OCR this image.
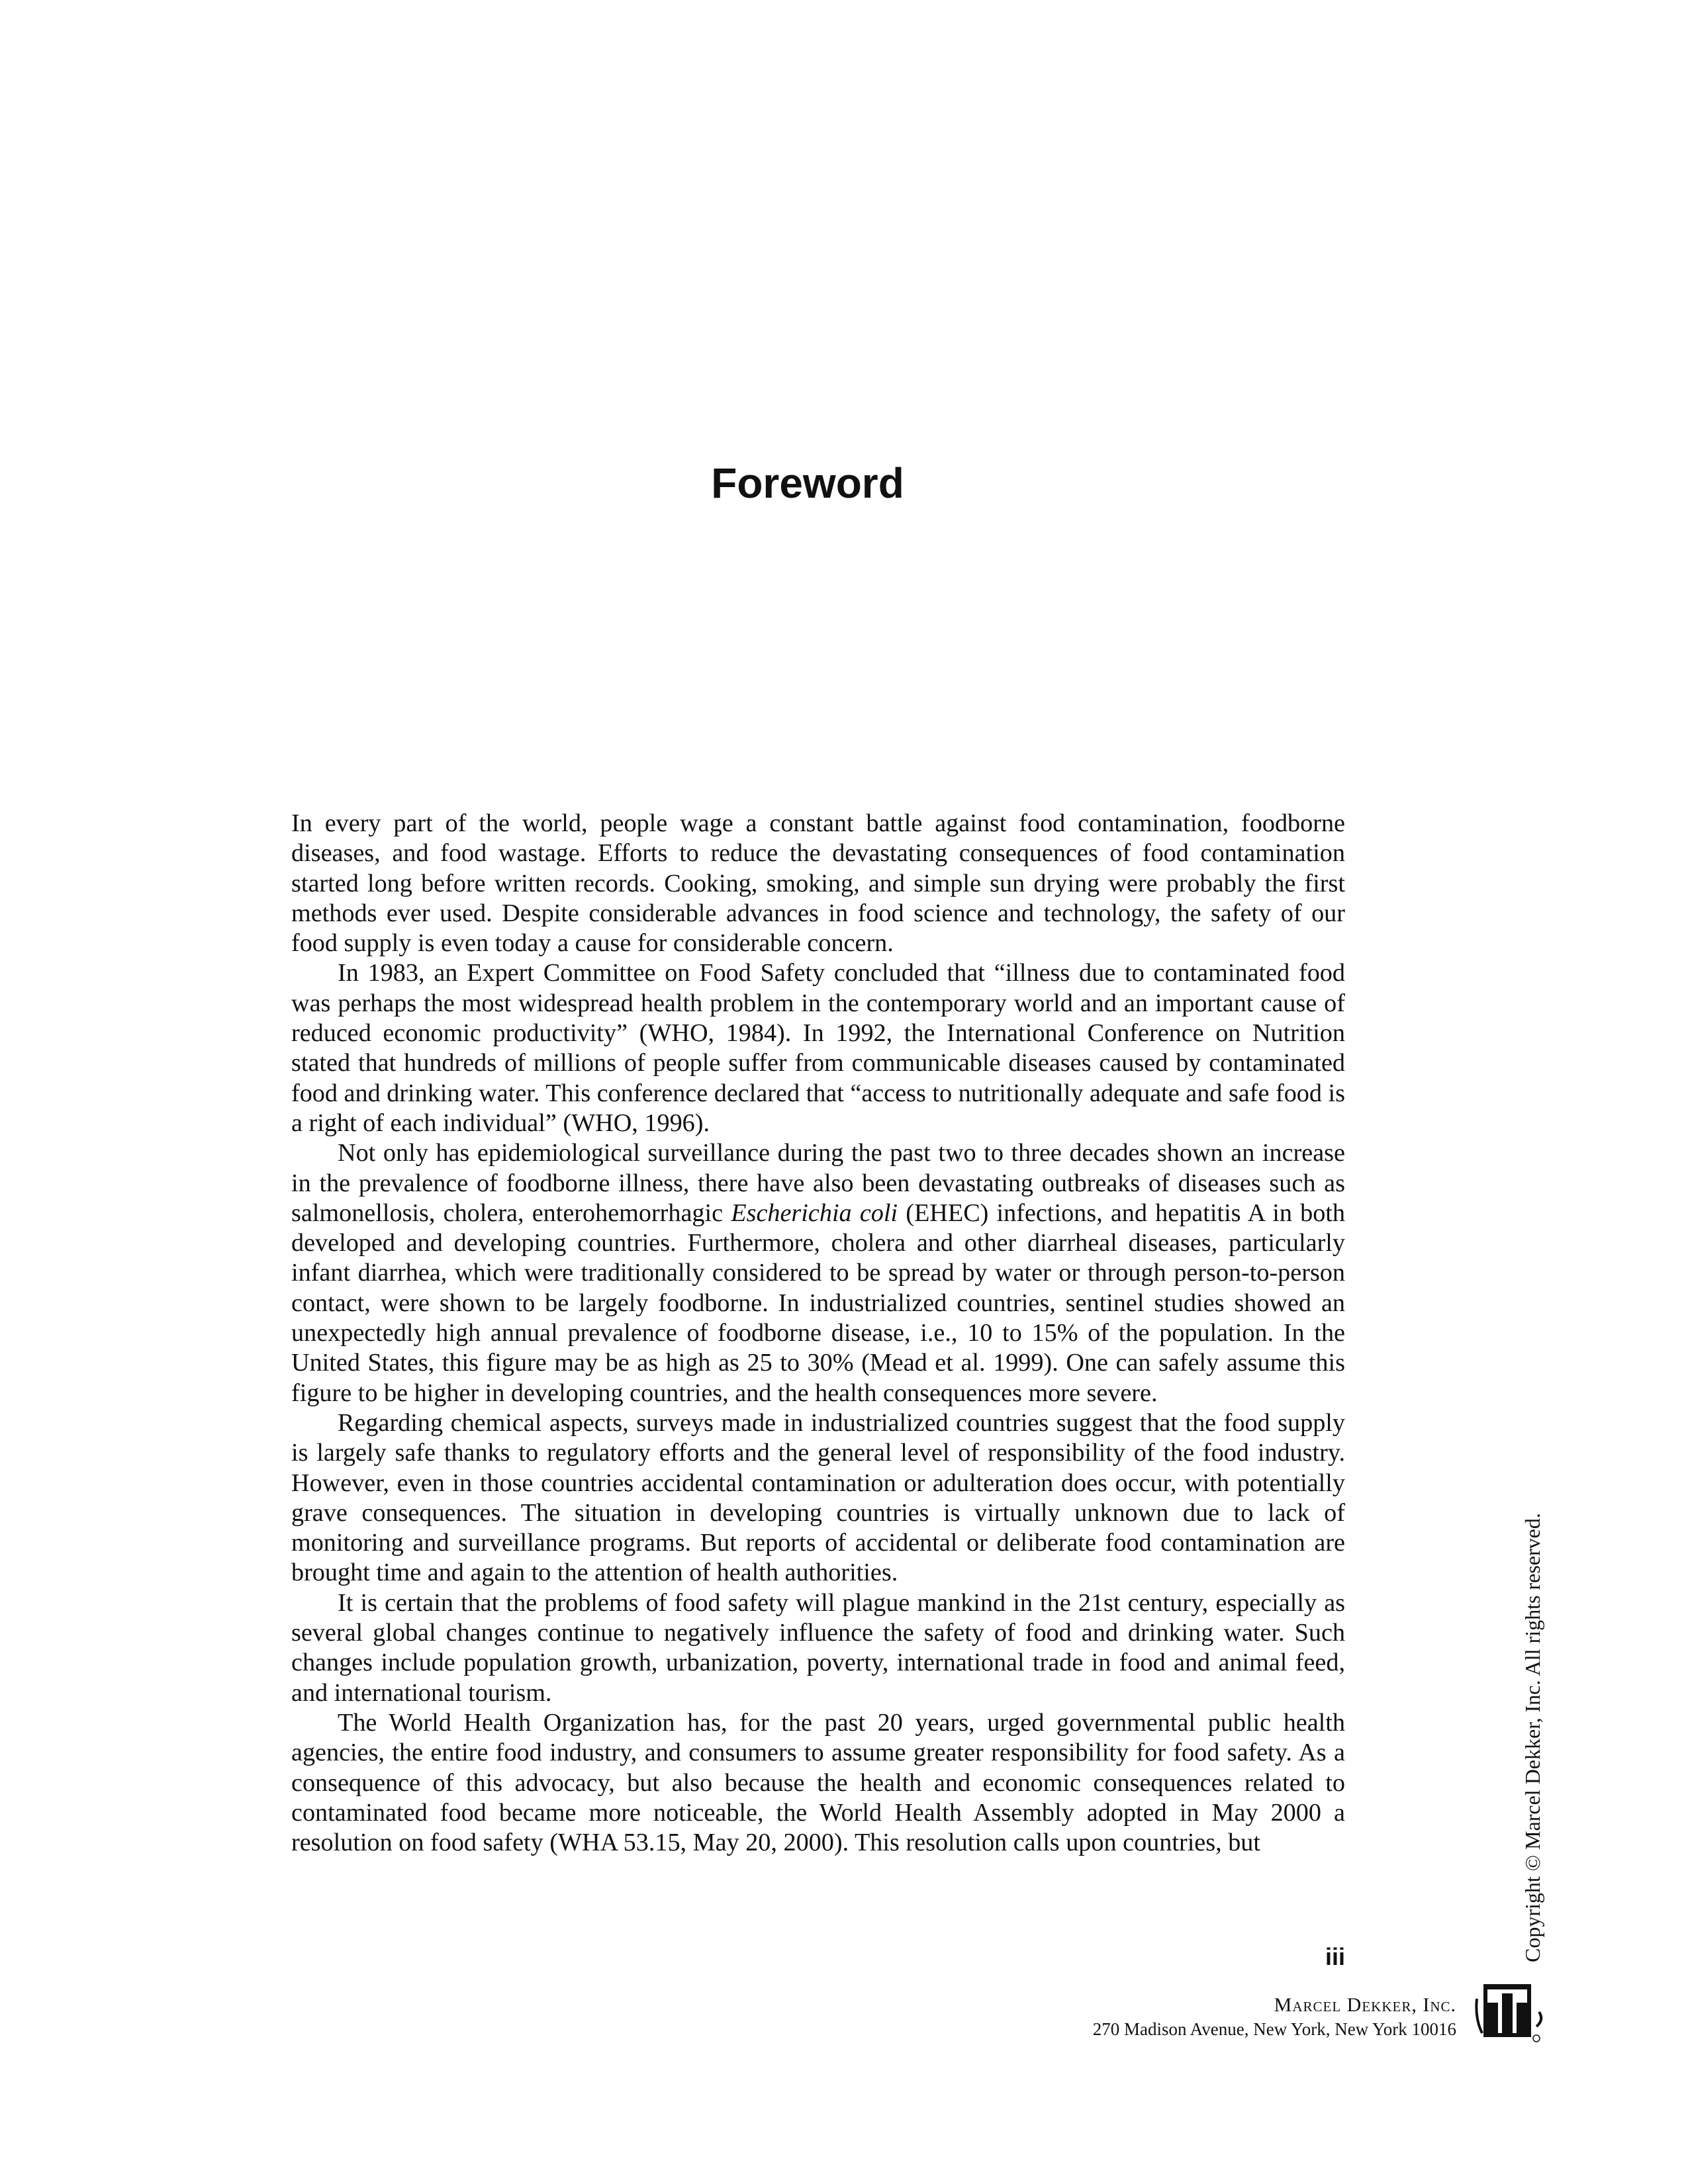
Foreword

In every part of the world, people wage a constant battle against food contamination, foodborne diseases, and food wastage. Efforts to reduce the devastating consequences of food contamination started long before written records. Cooking, smoking, and simple sun drying were probably the first methods ever used. Despite considerable advances in food science and technology, the safety of our food supply is even today a cause for considerable concern.

In 1983, an Expert Committee on Food Safety concluded that “illness due to contaminated food was perhaps the most widespread health problem in the contemporary world and an important cause of reduced economic productivity” (WHO, 1984). In 1992, the International Conference on Nutrition stated that hundreds of millions of people suffer from communicable diseases caused by contaminated food and drinking water. This conference declared that “access to nutritionally adequate and safe food is a right of each individual” (WHO, 1996).

Not only has epidemiological surveillance during the past two to three decades shown an increase in the prevalence of foodborne illness, there have also been devastating outbreaks of diseases such as salmonellosis, cholera, enterohemorrhagic Escherichia coli (EHEC) infections, and hepatitis A in both developed and developing countries. Furthermore, cholera and other diarrheal diseases, particularly infant diarrhea, which were traditionally considered to be spread by water or through person-to-person contact, were shown to be largely foodborne. In industrialized countries, sentinel studies showed an unexpectedly high annual prevalence of foodborne disease, i.e., 10 to 15% of the population. In the United States, this figure may be as high as 25 to 30% (Mead et al. 1999). One can safely assume this figure to be higher in developing countries, and the health consequences more severe.

Regarding chemical aspects, surveys made in industrialized countries suggest that the food supply is largely safe thanks to regulatory efforts and the general level of responsibility of the food industry. However, even in those countries accidental contamination or adulteration does occur, with potentially grave consequences. The situation in developing countries is virtually unknown due to lack of monitoring and surveillance programs. But reports of accidental or deliberate food contamination are brought time and again to the attention of health authorities.

It is certain that the problems of food safety will plague mankind in the 21st century, especially as several global changes continue to negatively influence the safety of food and drinking water. Such changes include population growth, urbanization, poverty, international trade in food and animal feed, and international tourism.

The World Health Organization has, for the past 20 years, urged governmental public health agencies, the entire food industry, and consumers to assume greater responsibility for food safety. As a consequence of this advocacy, but also because the health and economic consequences related to contaminated food became more noticeable, the World Health Assembly adopted in May 2000 a resolution on food safety (WHA 53.15, May 20, 2000). This resolution calls upon countries, but

iii	Copyright © Marcel Dekker, Inc. All rights reserved.
Marcel Dekker, Inc.
270 Madison Avenue, New York, New York 10016
